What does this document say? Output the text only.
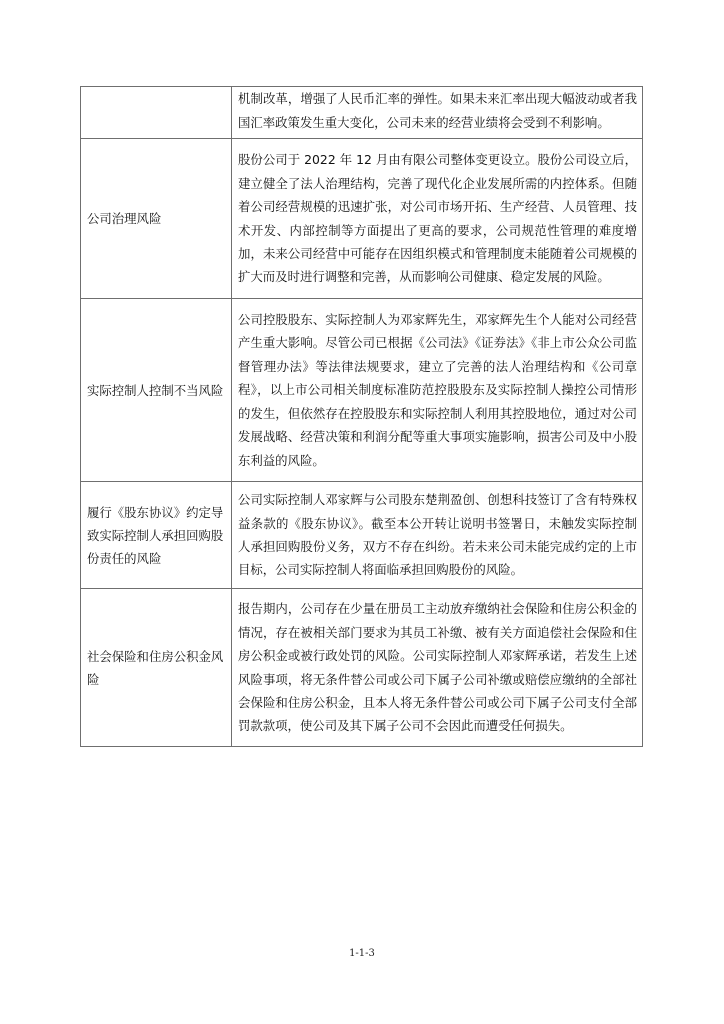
	机制改革，增强了人民币汇率的弹性。如果未来汇率出现大幅波动或者我国汇率政策发生重大变化，公司未来的经营业绩将会受到不利影响。
公司治理风险	股份公司于 2022 年 12 月由有限公司整体变更设立。股份公司设立后，建立健全了法人治理结构，完善了现代化企业发展所需的内控体系。但随着公司经营规模的迅速扩张，对公司市场开拓、生产经营、人员管理、技术开发、内部控制等方面提出了更高的要求，公司规范性管理的难度增加，未来公司经营中可能存在因组织模式和管理制度未能随着公司规模的扩大而及时进行调整和完善，从而影响公司健康、稳定发展的风险。
实际控制人控制不当风险	公司控股股东、实际控制人为邓家辉先生，邓家辉先生个人能对公司经营产生重大影响。尽管公司已根据《公司法》《证券法》《非上市公众公司监督管理办法》等法律法规要求，建立了完善的法人治理结构和《公司章程》，以上市公司相关制度标准防范控股股东及实际控制人操控公司情形的发生，但依然存在控股股东和实际控制人利用其控股地位，通过对公司发展战略、经营决策和利润分配等重大事项实施影响，损害公司及中小股东利益的风险。
履行《股东协议》约定导致实际控制人承担回购股份责任的风险	公司实际控制人邓家辉与公司股东楚荆盈创、创想科技签订了含有特殊权益条款的《股东协议》。截至本公开转让说明书签署日，未触发实际控制人承担回购股份义务，双方不存在纠纷。若未来公司未能完成约定的上市目标，公司实际控制人将面临承担回购股份的风险。
社会保险和住房公积金风险	报告期内，公司存在少量在册员工主动放弃缴纳社会保险和住房公积金的情况，存在被相关部门要求为其员工补缴、被有关方面追偿社会保险和住房公积金或被行政处罚的风险。公司实际控制人邓家辉承诺，若发生上述风险事项，将无条件替公司或公司下属子公司补缴或赔偿应缴纳的全部社会保险和住房公积金，且本人将无条件替公司或公司下属子公司支付全部罚款款项，使公司及其下属子公司不会因此而遭受任何损失。
1-1-3
